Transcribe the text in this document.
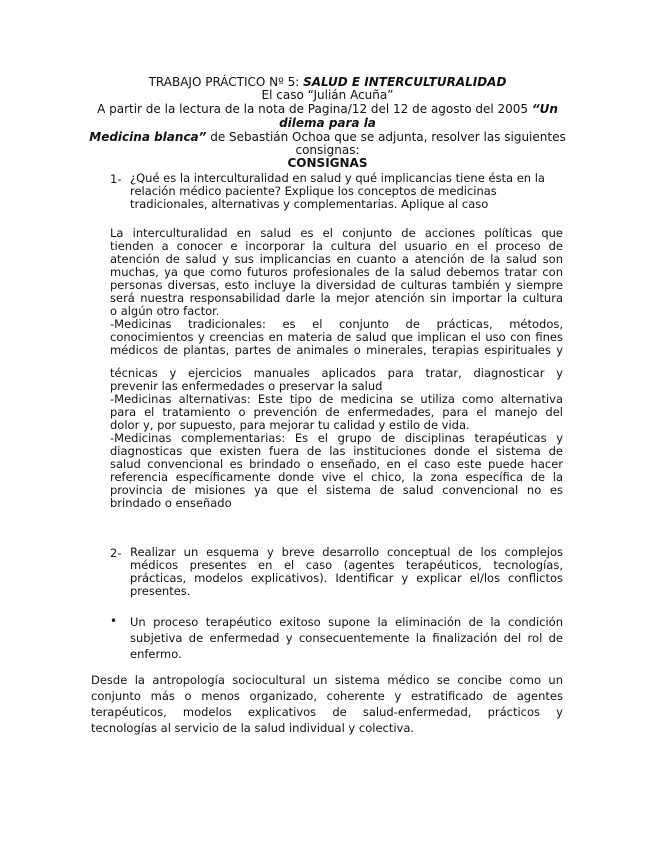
TRABAJO PRÁCTICO Nº 5: SALUD E INTERCULTURALIDAD

El caso “Julián Acuña”

A partir de la lectura de la nota de Pagina/12 del 12 de agosto del 2005 “Un

dilema para la

Medicina blanca” de Sebastián Ochoa que se adjunta, resolver las siguientes

consignas:

CONSIGNAS

1- ¿Qué es la interculturalidad en salud y qué implicancias tiene ésta en la

relación médico paciente? Explique los conceptos de medicinas

tradicionales, alternativas y complementarias. Aplique al caso

La interculturalidad en salud es el conjunto de acciones políticas que

tienden a conocer e incorporar la cultura del usuario en el proceso de

atención de salud y sus implicancias en cuanto a atención de la salud son

muchas, ya que como futuros profesionales de la salud debemos tratar con

personas diversas, esto incluye la diversidad de culturas también y siempre

será nuestra responsabilidad darle la mejor atención sin importar la cultura

o algún otro factor.

-Medicinas tradicionales: es el conjunto de prácticas, métodos,

conocimientos y creencias en materia de salud que implican el uso con fines

médicos de plantas, partes de animales o minerales, terapias espirituales y

técnicas y ejercicios manuales aplicados para tratar, diagnosticar y

prevenir las enfermedades o preservar la salud

-Medicinas alternativas: Este tipo de medicina se utiliza como alternativa

para el tratamiento o prevención de enfermedades, para el manejo del

dolor y, por supuesto, para mejorar tu calidad y estilo de vida.

-Medicinas complementarias: Es el grupo de disciplinas terapéuticas y

diagnosticas que existen fuera de las instituciones donde el sistema de

salud convencional es brindado o enseñado, en el caso este puede hacer

referencia específicamente donde vive el chico, la zona específica de la

provincia de misiones ya que el sistema de salud convencional no es

brindado o enseñado

2- Realizar un esquema y breve desarrollo conceptual de los complejos

médicos presentes en el caso (agentes terapéuticos, tecnologías,

prácticas, modelos explicativos). Identificar y explicar el/los conflictos

presentes.

• Un proceso terapéutico exitoso supone la eliminación de la condición

subjetiva de enfermedad y consecuentemente la finalización del rol de

enfermo.

Desde la antropología sociocultural un sistema médico se concibe como un

conjunto más o menos organizado, coherente y estratificado de agentes

terapéuticos, modelos explicativos de salud-enfermedad, prácticos y

tecnologías al servicio de la salud individual y colectiva.
